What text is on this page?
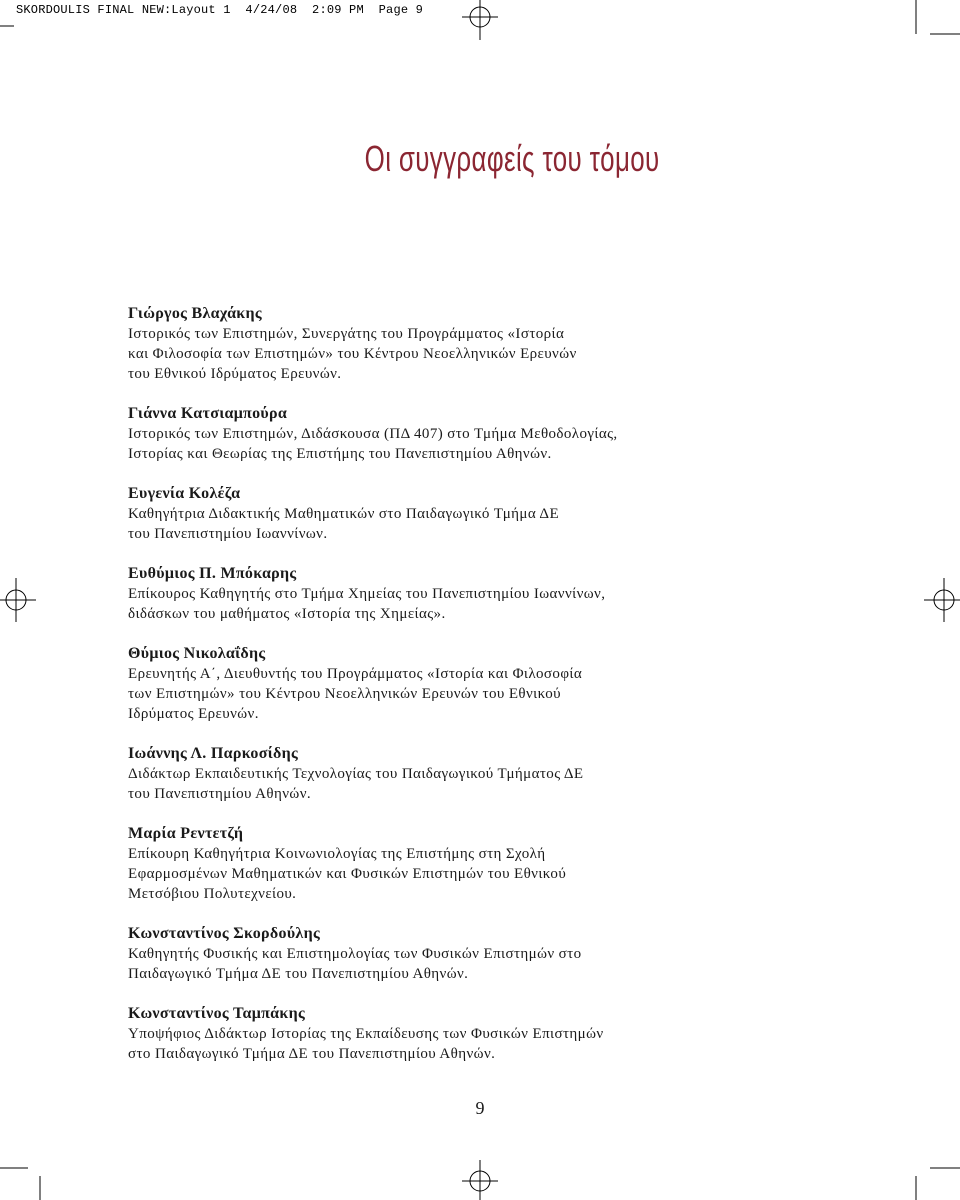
SKORDOULIS FINAL NEW:Layout 1  4/24/08  2:09 PM  Page 9
Οι συγγραφείς του τόμου

Γιώργος Βλαχάκης

Ιστορικός των Επιστημών, Συνεργάτης του Προγράμματος «Ιστορία
και Φιλοσοφία των Επιστημών» του Κέντρου Νεοελληνικών Ερευνών
του Εθνικού Ιδρύματος Ερευνών.

Γιάννα Κατσιαμπούρα

Ιστορικός των Επιστημών, Διδάσκουσα (ΠΔ 407) στο Τμήμα Μεθοδολογίας,
Ιστορίας και Θεωρίας της Επιστήμης του Πανεπιστημίου Αθηνών.

Ευγενία Κολέζα

Καθηγήτρια Διδακτικής Μαθηματικών στο Παιδαγωγικό Τμήμα ΔΕ
του Πανεπιστημίου Ιωαννίνων.

Ευθύμιος Π. Μπόκαρης

Επίκουρος Καθηγητής στο Τμήμα Χημείας του Πανεπιστημίου Ιωαννίνων,
διδάσκων του μαθήματος «Ιστορία της Χημείας».

Θύμιος Νικολαΐδης

Ερευνητής Α΄, Διευθυντής του Προγράμματος «Ιστορία και Φιλοσοφία
των Επιστημών» του Κέντρου Νεοελληνικών Ερευνών του Εθνικού
Ιδρύματος Ερευνών.

Ιωάννης Λ. Παρκοσίδης

Διδάκτωρ Εκπαιδευτικής Τεχνολογίας του Παιδαγωγικού Τμήματος ΔΕ
του Πανεπιστημίου Αθηνών.

Μαρία Ρεντετζή

Επίκουρη Καθηγήτρια Κοινωνιολογίας της Επιστήμης στη Σχολή
Εφαρμοσμένων Μαθηματικών και Φυσικών Επιστημών του Εθνικού
Μετσόβιου Πολυτεχνείου.

Κωνσταντίνος Σκορδούλης

Καθηγητής Φυσικής και Επιστημολογίας των Φυσικών Επιστημών στο
Παιδαγωγικό Τμήμα ΔΕ του Πανεπιστημίου Αθηνών.

Κωνσταντίνος Ταμπάκης

Υποψήφιος Διδάκτωρ Ιστορίας της Εκπαίδευσης των Φυσικών Επιστημών
στο Παιδαγωγικό Τμήμα ΔΕ του Πανεπιστημίου Αθηνών.

9
